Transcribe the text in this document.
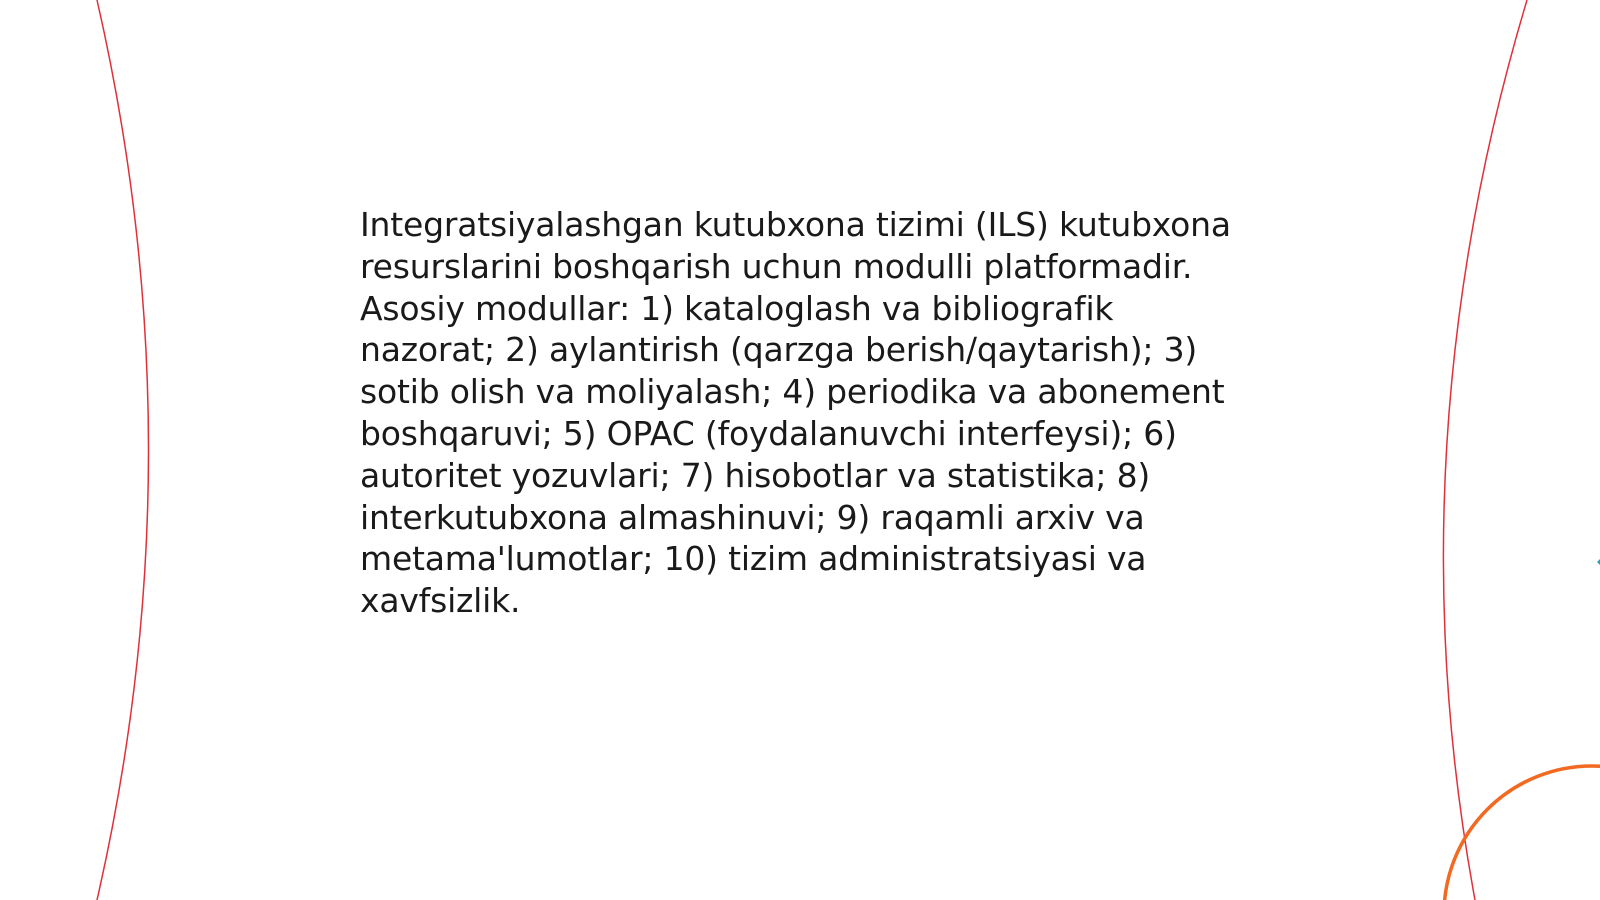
Integratsiyalashgan kutubxona tizimi (ILS) kutubxona resurslarini boshqarish uchun modulli platformadir. Asosiy modullar: 1) kataloglash va bibliografik nazorat; 2) aylantirish (qarzga berish/qaytarish); 3) sotib olish va moliyalash; 4) periodika va abonement boshqaruvi; 5) OPAC (foydalanuvchi interfeysi); 6) autoritet yozuvlari; 7) hisobotlar va statistika; 8) interkutubxona almashinuvi; 9) raqamli arxiv va metama'lumotlar; 10) tizim administratsiyasi va xavfsizlik.
